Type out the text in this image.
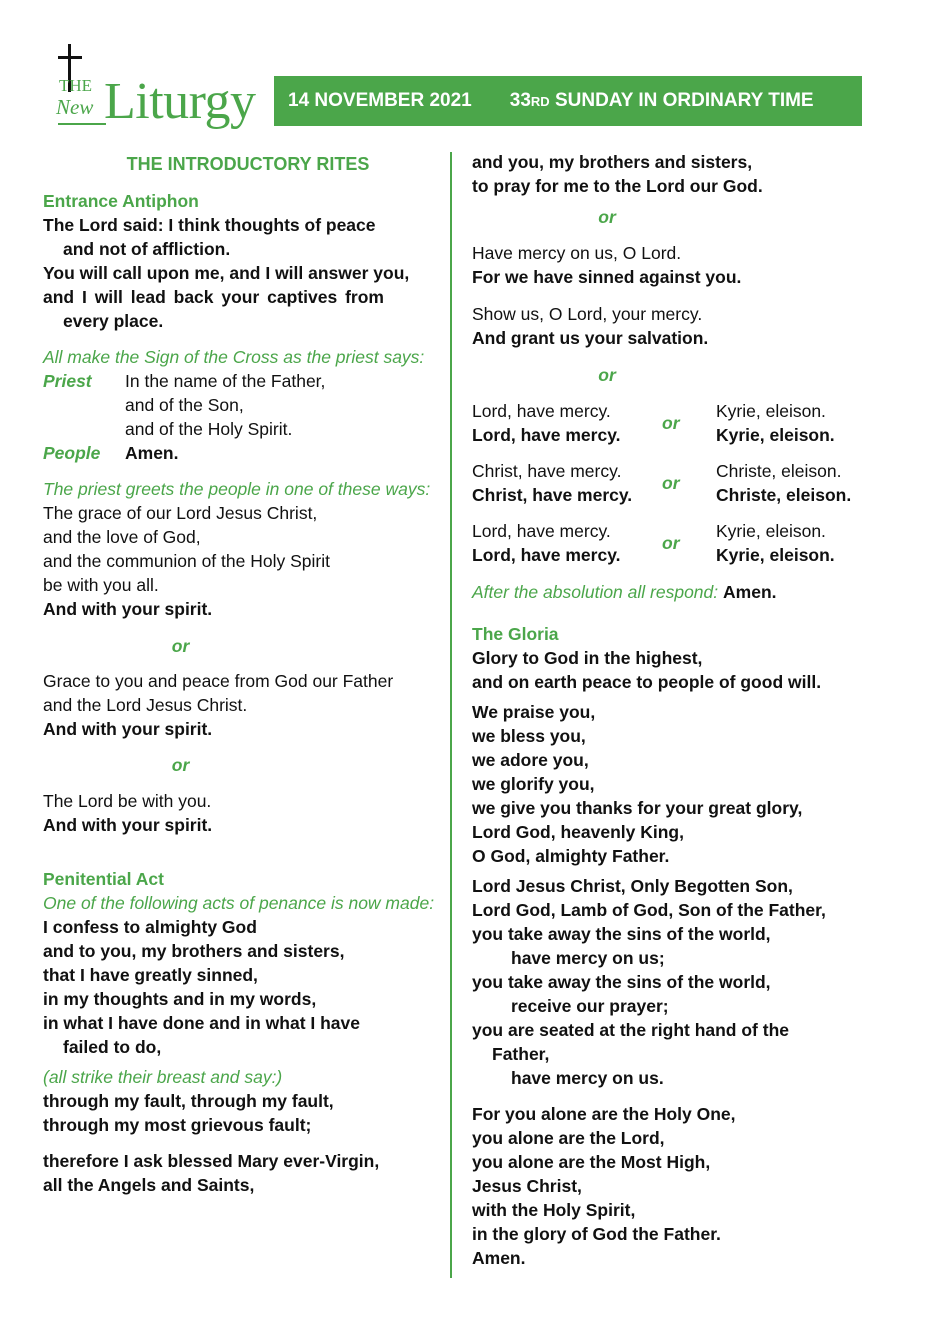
THE
New Liturgy 14 NOVEMBER 2021 33RD SUNDAY IN ORDINARY TIME
THE INTRODUCTORY RITES
Entrance Antiphon
The Lord said: I think thoughts of peace
and not of affliction.
You will call upon me, and I will answer you,
and I will lead back your captives from
every place.
All make the Sign of the Cross as the priest says:
Priest	In the name of the Father,
and of the Son,
and of the Holy Spirit.
People	Amen.
The priest greets the people in one of these ways:
The grace of our Lord Jesus Christ,
and the love of God,
and the communion of the Holy Spirit
be with you all.
And with your spirit.
or
Grace to you and peace from God our Father
and the Lord Jesus Christ.
And with your spirit.
or
The Lord be with you.
And with your spirit.
Penitential Act
One of the following acts of penance is now made:
I confess to almighty God
and to you, my brothers and sisters,
that I have greatly sinned,
in my thoughts and in my words,
in what I have done and in what I have
failed to do,
(all strike their breast and say:)
through my fault, through my fault,
through my most grievous fault;
therefore I ask blessed Mary ever-Virgin,
all the Angels and Saints,
and you, my brothers and sisters,
to pray for me to the Lord our God.
or
Have mercy on us, O Lord.
For we have sinned against you.
Show us, O Lord, your mercy.
And grant us your salvation.
or
Lord, have mercy.
Lord, have mercy.
or
Kyrie, eleison.
Kyrie, eleison.
Christ, have mercy.
Christ, have mercy.
or
Christe, eleison.
Christe, eleison.
Lord, have mercy.
Lord, have mercy.
or
Kyrie, eleison.
Kyrie, eleison.
After the absolution all respond: Amen.
The Gloria
Glory to God in the highest,
and on earth peace to people of good will.
We praise you,
we bless you,
we adore you,
we glorify you,
we give you thanks for your great glory,
Lord God, heavenly King,
O God, almighty Father.
Lord Jesus Christ, Only Begotten Son,
Lord God, Lamb of God, Son of the Father,
you take away the sins of the world,
have mercy on us;
you take away the sins of the world,
receive our prayer;
you are seated at the right hand of the
Father,
have mercy on us.
For you alone are the Holy One,
you alone are the Lord,
you alone are the Most High,
Jesus Christ,
with the Holy Spirit,
in the glory of God the Father.
Amen.
